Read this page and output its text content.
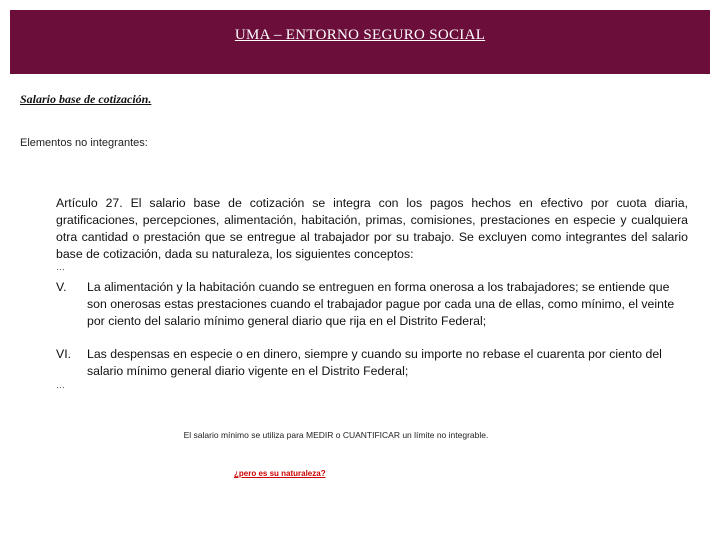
UMA – ENTORNO SEGURO SOCIAL
Salario base de cotización.
Elementos no integrantes:
Artículo 27. El salario base de cotización se integra con los pagos hechos en efectivo por cuota diaria, gratificaciones, percepciones, alimentación, habitación, primas, comisiones, prestaciones en especie y cualquiera otra cantidad o prestación que se entregue al trabajador por su trabajo. Se excluyen como integrantes del salario base de cotización, dada su naturaleza, los siguientes conceptos:
…
V. La alimentación y la habitación cuando se entreguen en forma onerosa a los trabajadores; se entiende que son onerosas estas prestaciones cuando el trabajador pague por cada una de ellas, como mínimo, el veinte por ciento del salario mínimo general diario que rija en el Distrito Federal;
VI. Las despensas en especie o en dinero, siempre y cuando su importe no rebase el cuarenta por ciento del salario mínimo general diario vigente en el Distrito Federal;
…
El salario mínimo se utiliza para MEDIR o CUANTIFICAR un límite no integrable.
¿pero es su naturaleza?
